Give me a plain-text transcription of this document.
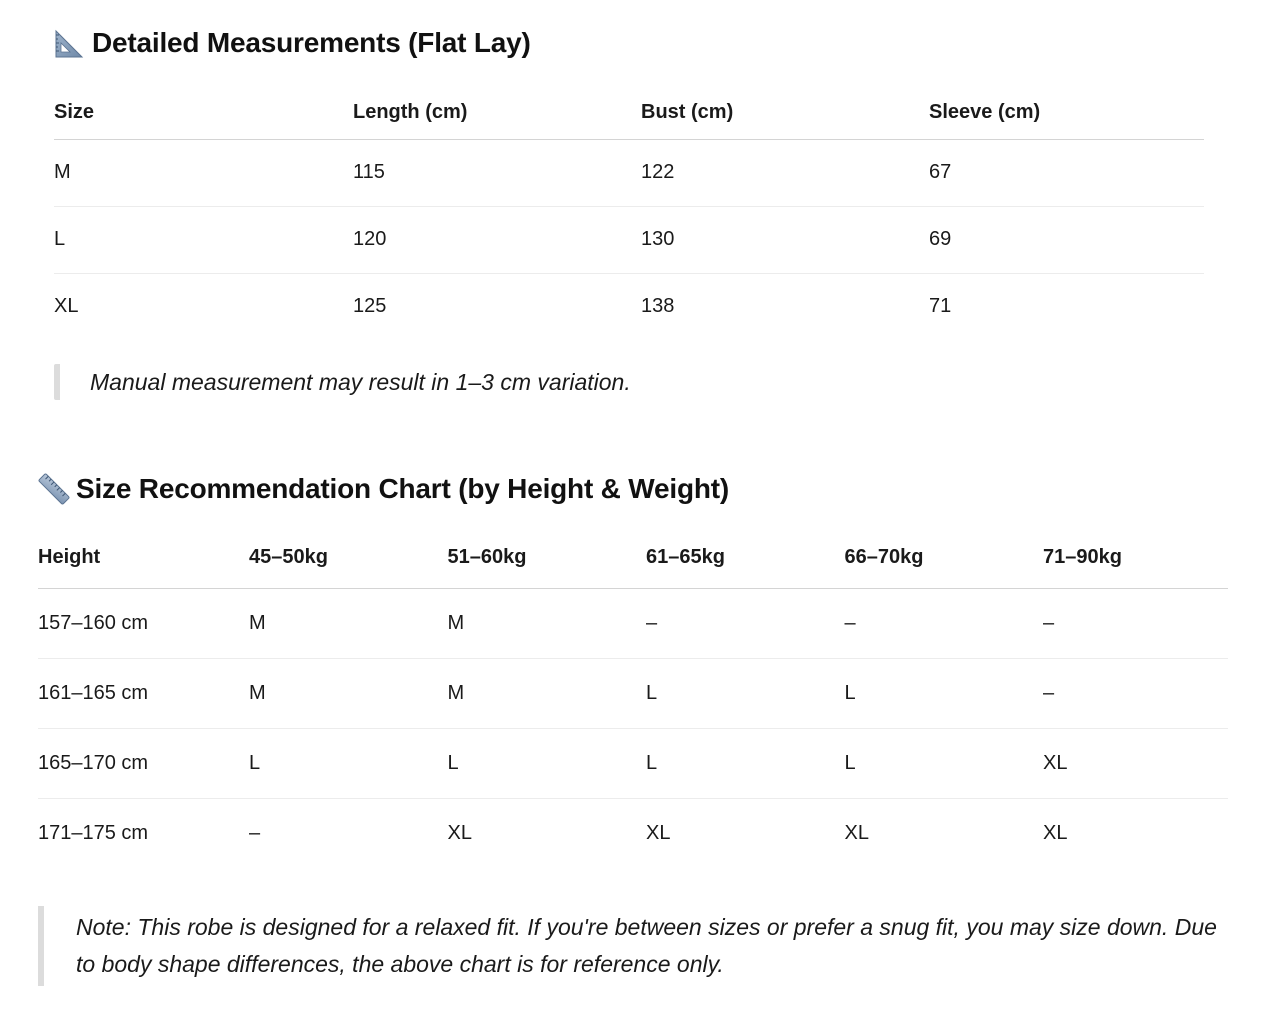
Detailed Measurements (Flat Lay)
Size	Length (cm)	Bust (cm)	Sleeve (cm)
M	115	122	67
L	120	130	69
XL	125	138	71
Manual measurement may result in 1–3 cm variation.
Size Recommendation Chart (by Height & Weight)
Height	45–50kg	51–60kg	61–65kg	66–70kg	71–90kg
157–160 cm	M	M	–	–	–
161–165 cm	M	M	L	L	–
165–170 cm	L	L	L	L	XL
171–175 cm	–	XL	XL	XL	XL
Note: This robe is designed for a relaxed fit. If you're between sizes or prefer a snug fit, you may size down. Due to body shape differences, the above chart is for reference only.
